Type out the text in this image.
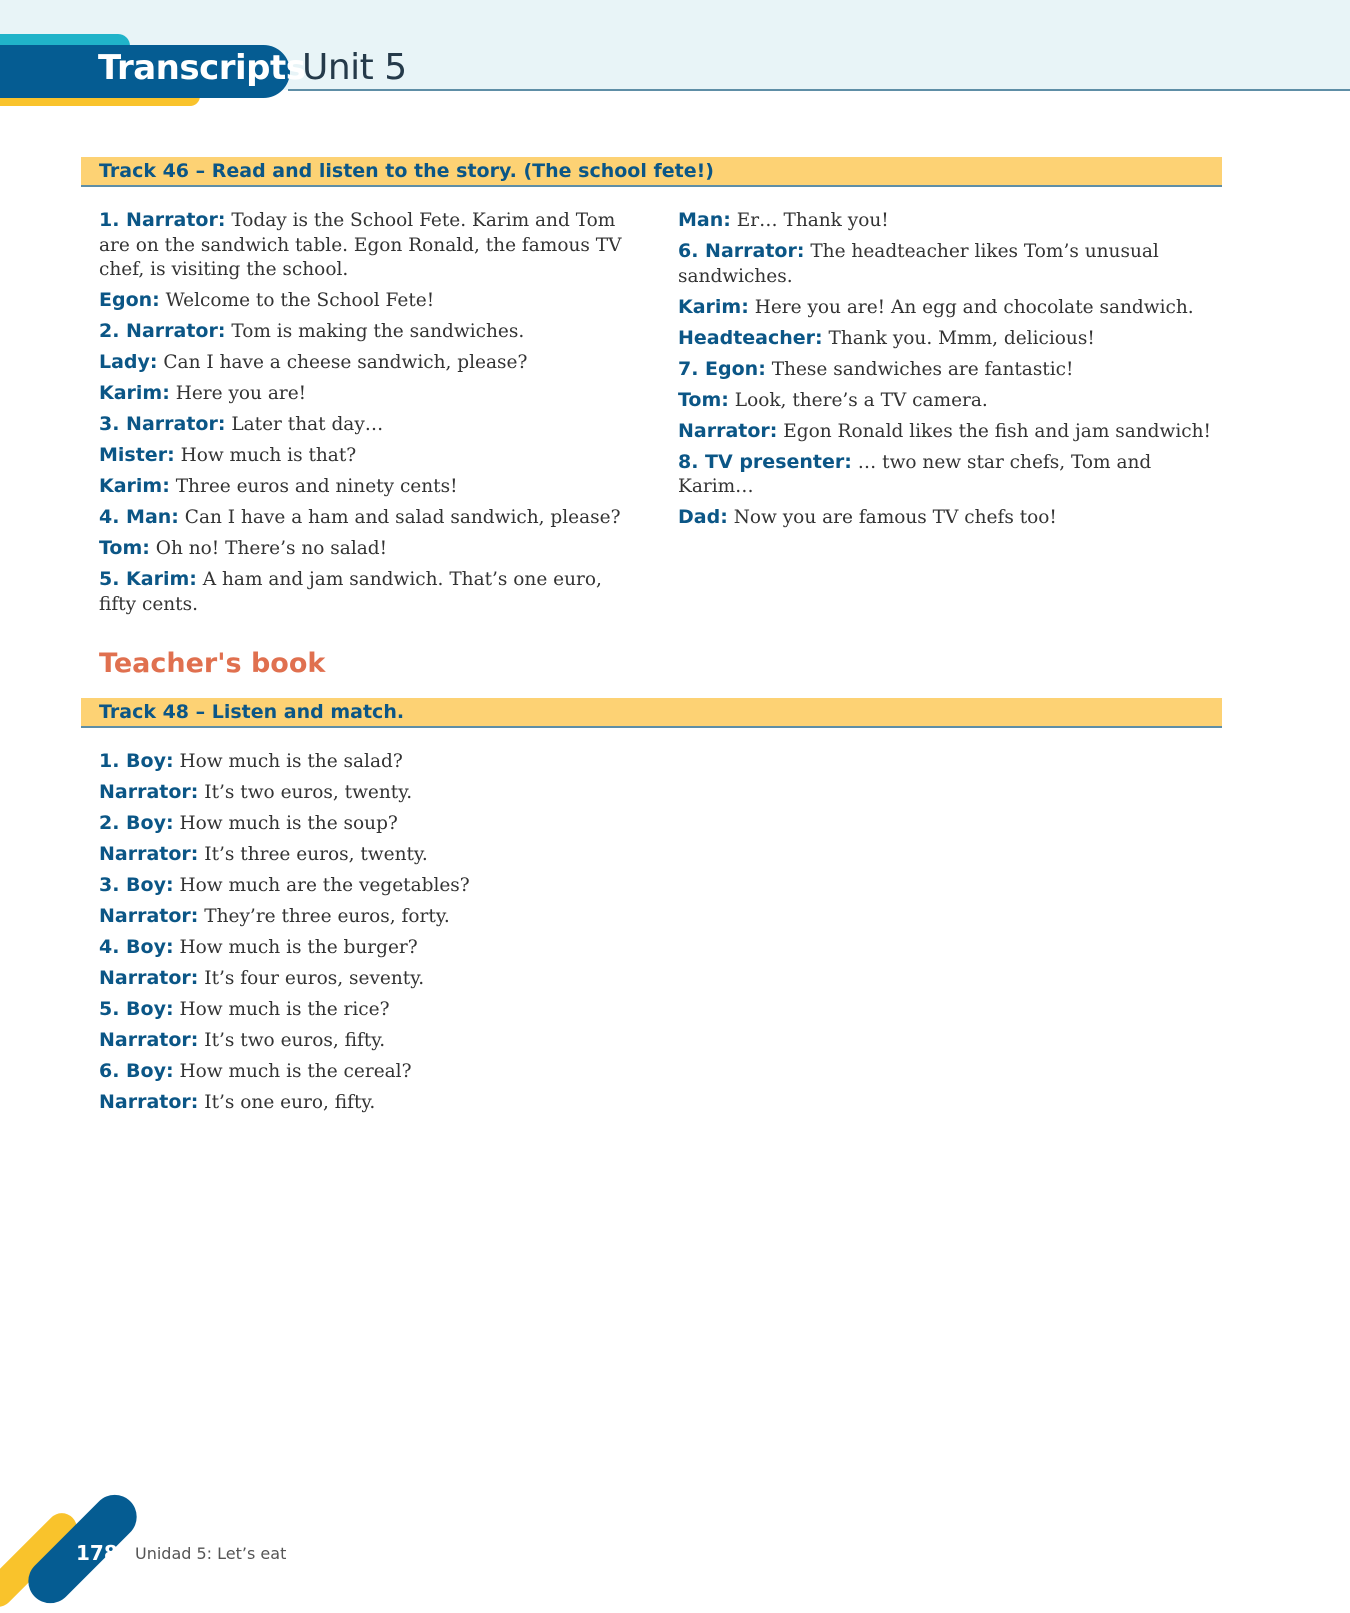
Transcripts
Unit 5
Track 46 – Read and listen to the story. (The school fete!)
1. Narrator: Today is the School Fete. Karim and Tom are on the sandwich table. Egon Ronald, the famous TV chef, is visiting the school.
Egon: Welcome to the School Fete!
2. Narrator: Tom is making the sandwiches.
Lady: Can I have a cheese sandwich, please?
Karim: Here you are!
3. Narrator: Later that day…
Mister: How much is that?
Karim: Three euros and ninety cents!
4. Man: Can I have a ham and salad sandwich, please?
Tom: Oh no! There’s no salad!
5. Karim: A ham and jam sandwich. That’s one euro, fifty cents.
Man: Er… Thank you!
6. Narrator: The headteacher likes Tom’s unusual sandwiches.
Karim: Here you are! An egg and chocolate sandwich.
Headteacher: Thank you. Mmm, delicious!
7. Egon: These sandwiches are fantastic!
Tom: Look, there’s a TV camera.
Narrator: Egon Ronald likes the fish and jam sandwich!
8. TV presenter: … two new star chefs, Tom and Karim…
Dad: Now you are famous TV chefs too!
Teacher's book
Track 48 – Listen and match.
1. Boy: How much is the salad?
Narrator: It’s two euros, twenty.
2. Boy: How much is the soup?
Narrator: It’s three euros, twenty.
3. Boy: How much are the vegetables?
Narrator: They’re three euros, forty.
4. Boy: How much is the burger?
Narrator: It’s four euros, seventy.
5. Boy: How much is the rice?
Narrator: It’s two euros, fifty.
6. Boy: How much is the cereal?
Narrator: It’s one euro, fifty.
178 Unidad 5: Let’s eat
